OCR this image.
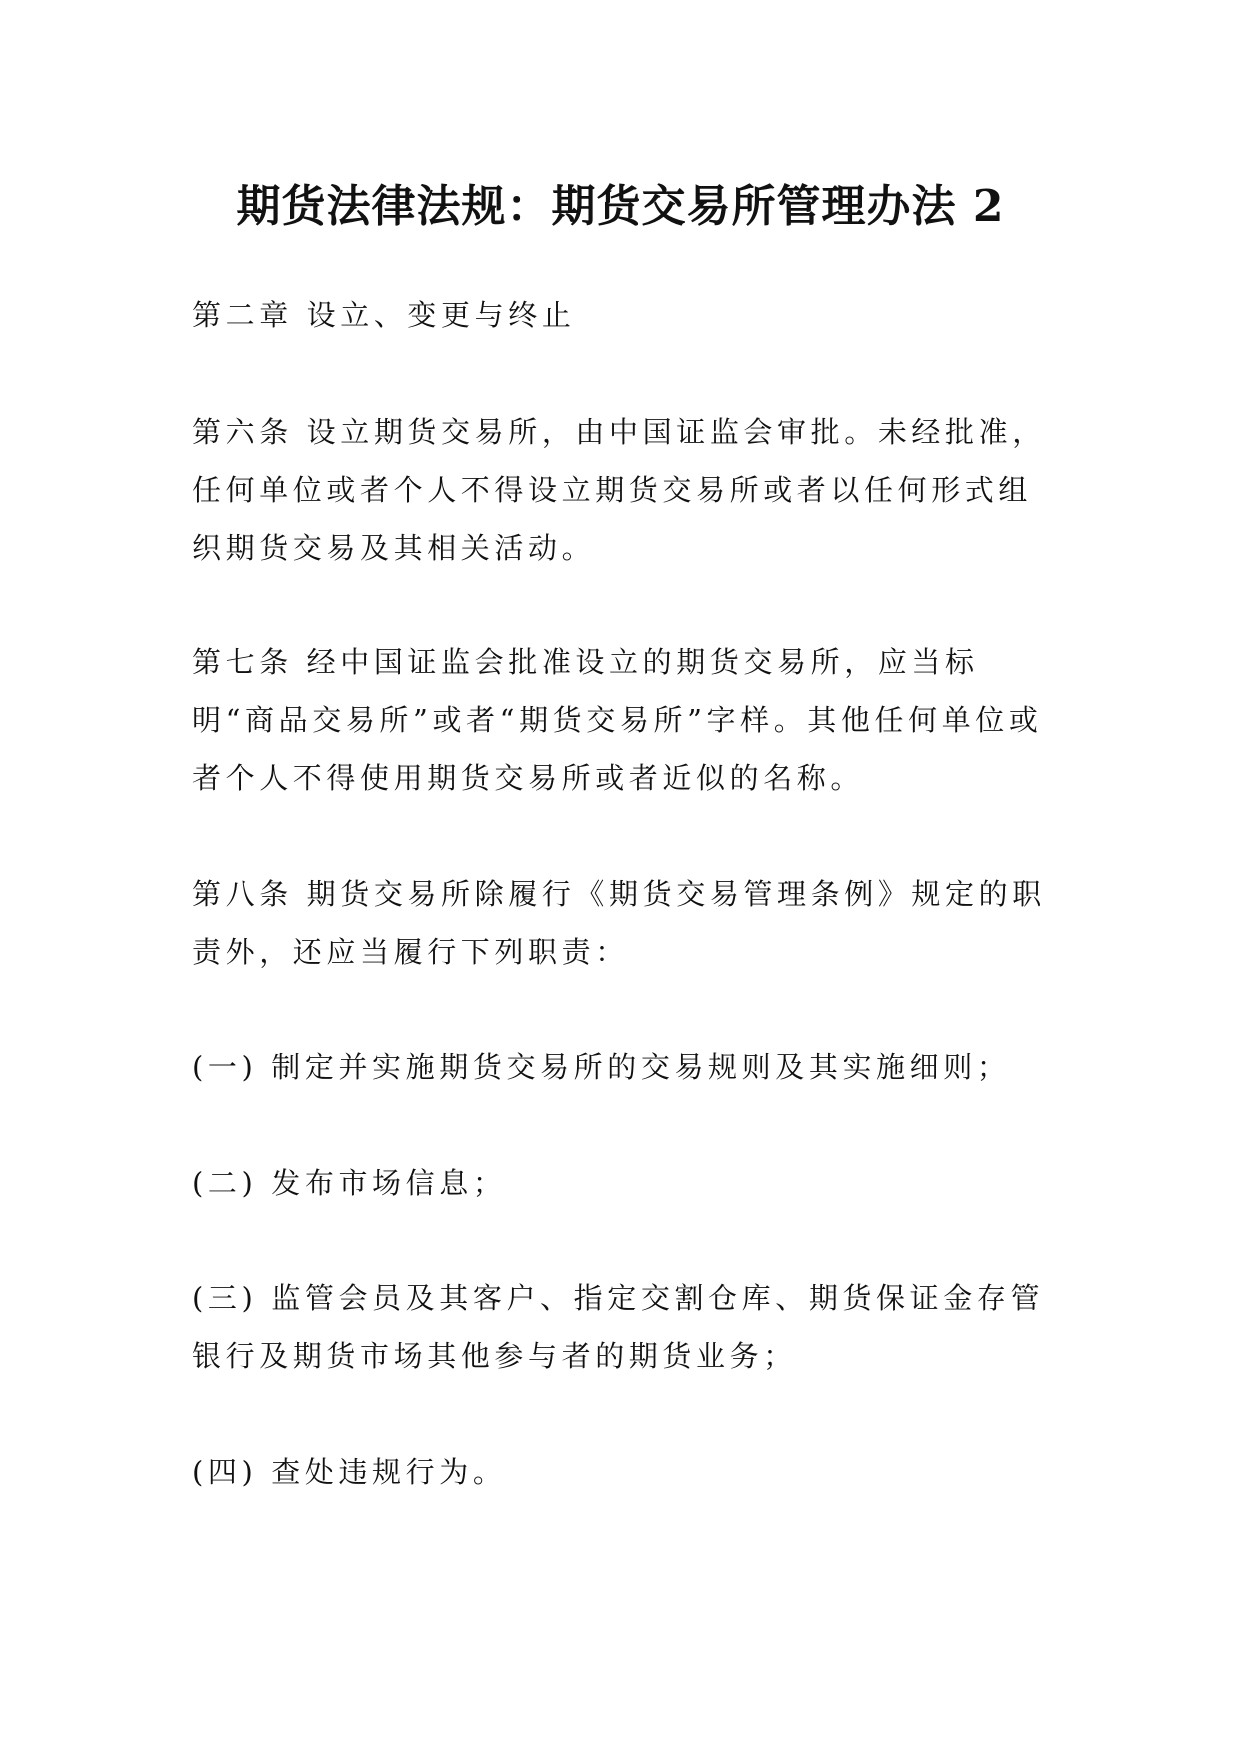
期货法律法规：期货交易所管理办法 2

第二章 设立、变更与终止

第六条 设立期货交易所，由中国证监会审批。未经批准，任何单位或者个人不得设立期货交易所或者以任何形式组织期货交易及其相关活动。

第七条 经中国证监会批准设立的期货交易所，应当标明“商品交易所”或者“期货交易所”字样。其他任何单位或者个人不得使用期货交易所或者近似的名称。

第八条 期货交易所除履行《期货交易管理条例》规定的职责外，还应当履行下列职责：

(一) 制定并实施期货交易所的交易规则及其实施细则；

(二) 发布市场信息；

(三) 监管会员及其客户、指定交割仓库、期货保证金存管银行及期货市场其他参与者的期货业务；

(四) 查处违规行为。
